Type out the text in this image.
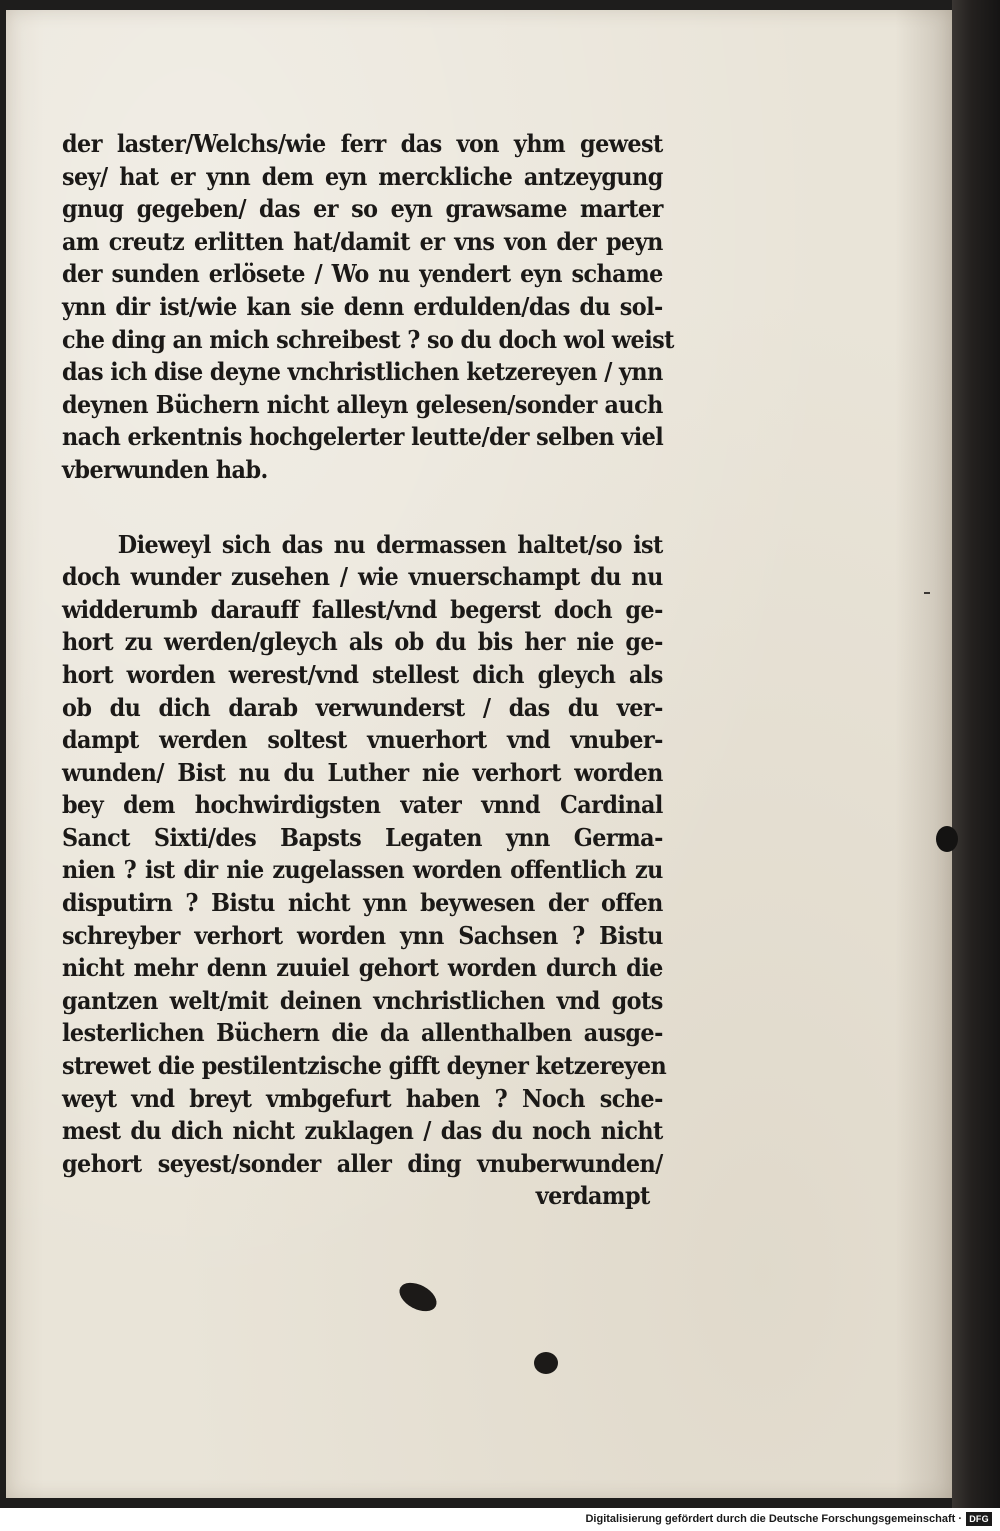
der laster/Welchs/wie ferr das von yhm gewest
sey/ hat er ynn dem eyn merckliche antzeygung
gnug gegeben/ das er so eyn grawsame marter
am creutz erlitten hat/damit er vns von der peyn
der sunden erlösete / Wo nu yendert eyn schame
ynn dir ist/wie kan sie denn erdulden/das du sol-
che ding an mich schreibest ? so du doch wol weist
das ich dise deyne vnchristlichen ketzereyen / ynn
deynen Büchern nicht alleyn gelesen/sonder auch
nach erkentnis hochgelerter leutte/der selben viel
vberwunden hab.
Dieweyl sich das nu dermassen haltet/so ist
doch wunder zusehen / wie vnuerschampt du nu
widderumb darauff fallest/vnd begerst doch ge-
hort zu werden/gleych als ob du bis her nie ge-
hort worden werest/vnd stellest dich gleych als
ob du dich darab verwunderst / das du ver-
dampt werden soltest vnuerhort vnd vnuber-
wunden/ Bist nu du Luther nie verhort worden
bey dem hochwirdigsten vater vnnd Cardinal
Sanct Sixti/des Bapsts Legaten ynn Germa-
nien ? ist dir nie zugelassen worden offentlich zu
disputirn ? Bistu nicht ynn beywesen der offen
schreyber verhort worden ynn Sachsen ? Bistu
nicht mehr denn zuuiel gehort worden durch die
gantzen welt/mit deinen vnchristlichen vnd gots
lesterlichen Büchern die da allenthalben ausge-
strewet die pestilentzische gifft deyner ketzereyen
weyt vnd breyt vmbgefurt haben ? Noch sche-
mest du dich nicht zuklagen / das du noch nicht
gehort seyest/sonder aller ding vnuberwunden/
verdampt
Digitalisierung gefördert durch die Deutsche Forschungsgemeinschaft · DFG
